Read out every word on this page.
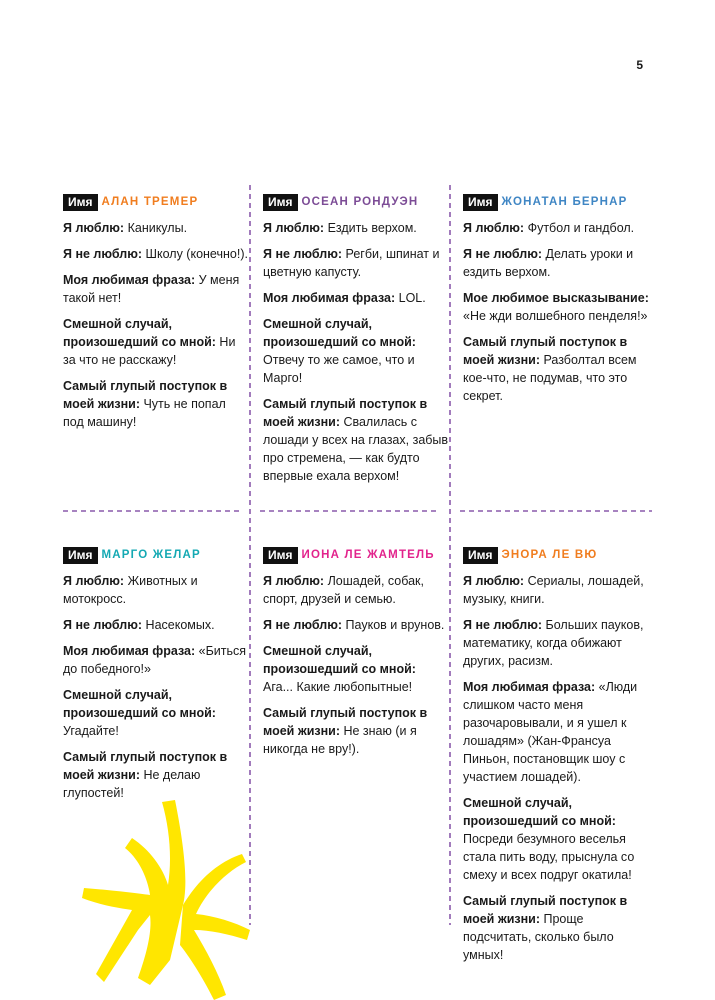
5
Имя АЛАН ТРЕМЕР

Я люблю: Каникулы.

Я не люблю: Школу (конечно!).

Моя любимая фраза: У меня такой нет!

Смешной случай, произошедший со мной: Ни за что не расскажу!

Самый глупый поступок в моей жизни: Чуть не попал под машину!

Имя ОСЕАН РОНДУЭН

Я люблю: Ездить верхом.

Я не люблю: Регби, шпинат и цветную капусту.

Моя любимая фраза: LOL.

Смешной случай, произошедший со мной: Отвечу то же самое, что и Марго!

Самый глупый поступок в моей жизни: Свалилась с лошади у всех на глазах, забыв про стремена, — как будто впервые ехала верхом!

Имя ЖОНАТАН БЕРНАР

Я люблю: Футбол и гандбол.

Я не люблю: Делать уроки и ездить верхом.

Мое любимое высказывание: «Не жди волшебного пенделя!»

Самый глупый поступок в моей жизни: Разболтал всем кое-что, не подумав, что это секрет.

Имя МАРГО ЖЕЛАР

Я люблю: Животных и мотокросс.

Я не люблю: Насекомых.

Моя любимая фраза: «Биться до победного!»

Смешной случай, произошедший со мной: Угадайте!

Самый глупый поступок в моей жизни: Не делаю глупостей!

Имя ИОНА ЛЕ ЖАМТЕЛЬ

Я люблю: Лошадей, собак, спорт, друзей и семью.

Я не люблю: Пауков и врунов.

Смешной случай, произошедший со мной: Ага... Какие любопытные!

Самый глупый поступок в моей жизни: Не знаю (и я никогда не вру!).

Имя ЭНОРА ЛЕ ВЮ

Я люблю: Сериалы, лошадей, музыку, книги.

Я не люблю: Больших пауков, математику, когда обижают других, расизм.

Моя любимая фраза: «Люди слишком часто меня разочаровывали, и я ушел к лошадям» (Жан-Франсуа Пиньон, постановщик шоу с участием лошадей).

Смешной случай, произошедший со мной: Посреди безумного веселья стала пить воду, прыснула со смеху и всех подруг окатила!

Самый глупый поступок в моей жизни: Проще подсчитать, сколько было умных!
